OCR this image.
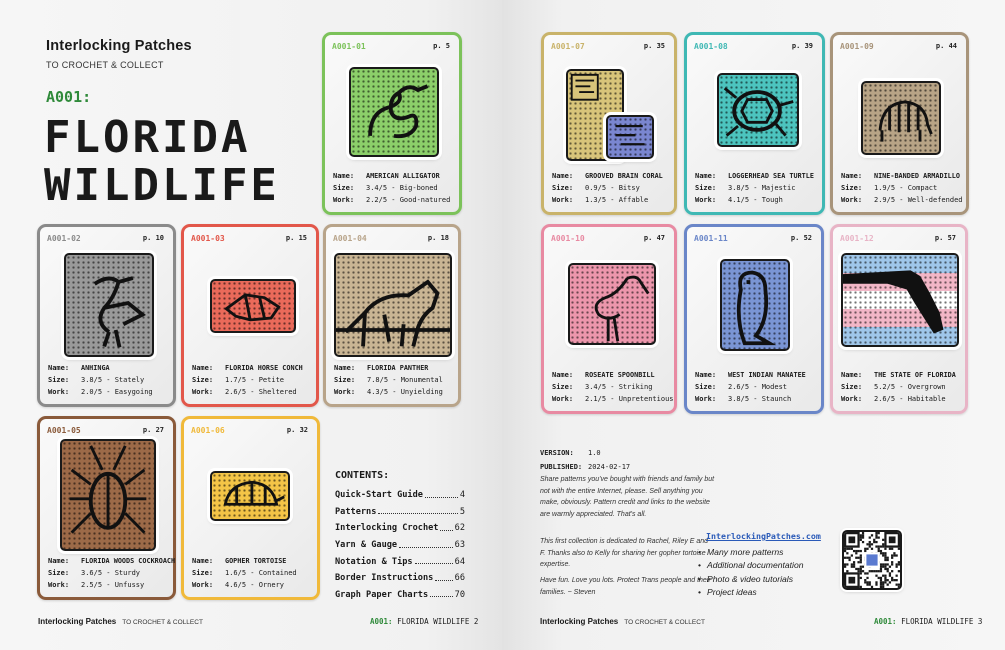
Interlocking Patches
TO CROCHET & COLLECT
A001:
FLORIDA
WILDLIFE
CONTENTS:
Quick-Start Guide	4
Patterns	5
Interlocking Crochet 62
Yarn & Gauge	63
Notation & Tips	64
Border Instructions 66
Graph Paper Charts	70
Interlocking Patches TO CROCHET & COLLECT	A001: FLORIDA WILDLIFE 2
VERSION: 1.0
PUBLISHED: 2024-02-17
Share patterns you've bought with friends and family but not with the entire Internet, please. Sell anything you make, obviously. Pattern credit and links to the website are warmly appreciated. That's all.
This first collection is dedicated to Rachel, Riley E and F. Thanks also to Kelly for sharing her gopher tortoise expertise.
Have fun. Love you lots. Protect Trans people and their families. ~ Steven
InterlockingPatches.com
• Many more patterns
• Additional documentation
• Photo & video tutorials
• Project ideas
Interlocking Patches TO CROCHET & COLLECT	A001: FLORIDA WILDLIFE 3
A001-01	p. 5
Name: AMERICAN ALLIGATOR
Size: 3.4/5 - Big-boned
Work: 2.2/5 - Good-natured
A001-02	p. 10
Name: ANHINGA
Size: 3.8/5 - Stately
Work: 2.0/5 - Easygoing
A001-03	p. 15
Name: FLORIDA HORSE CONCH
Size: 1.7/5 - Petite
Work: 2.6/5 - Sheltered
A001-04	p. 18
Name: FLORIDA PANTHER
Size: 7.8/5 - Monumental
Work: 4.3/5 - Unyielding
A001-05	p. 27
Name: FLORIDA WOODS COCKROACH
Size: 3.6/5 - Sturdy
Work: 2.5/5 - Unfussy
A001-06	p. 32
Name: GOPHER TORTOISE
Size: 1.6/5 - Contained
Work: 4.6/5 - Ornery
A001-07	p. 35
Name: GROOVED BRAIN CORAL
Size: 0.9/5 - Bitsy
Work: 1.3/5 - Affable
A001-08	p. 39
Name: LOGGERHEAD SEA TURTLE
Size: 3.8/5 - Majestic
Work: 4.1/5 - Tough
A001-09	p. 44
Name: NINE-BANDED ARMADILLO
Size: 1.9/5 - Compact
Work: 2.9/5 - Well-defended
A001-10	p. 47
Name: ROSEATE SPOONBILL
Size: 3.4/5 - Striking
Work: 2.1/5 - Unpretentious
A001-11	p. 52
Name: WEST INDIAN MANATEE
Size: 2.6/5 - Modest
Work: 3.8/5 - Staunch
A001-12	p. 57
Name: THE STATE OF FLORIDA
Size: 5.2/5 - Overgrown
Work: 2.6/5 - Habitable
